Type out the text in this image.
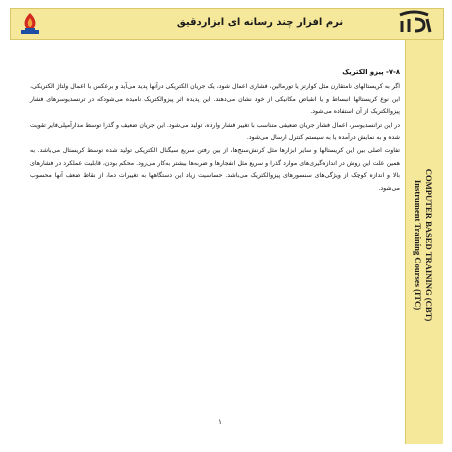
نرم افزار چند رسانه ای ابزاردقیق
COMPUTER BASED TRAINING (CBT)
Instrument Training Courses (ITC)
۷-۸- پیزو الکتریک

اگر به کریستالهای نامتقارن مثل کوارتز یا تورمالین، فشاری اعمال شود، یک جریان الکتریکی درآنها پدید می‌آید و برعکس با اعمال ولتاژ الکتریکی، این نوع کریستالها انبساط و یا انقباض مکانیکی از خود نشان می‌دهند. این پدیده اثر پیزوالکتریک نامیده می‌شود‌که در ترنسدیوسرهای فشار پیزوالکتریک از آن استفاده می‌شود.

در این ترانسدیوسر، اعمال فشار جریان ضعیفی متناسب با تغییر فشار وارده، تولید می‌شود. این جریان ضعیف و گذرا توسط مدارآمپلی‌فایر تقویت شده و به نمایش درآمده یا به سیستم کنترل ارسال می‌شود.

تفاوت اصلی بین این کریستالها و سایر ابزارها مثل کرنش‌سنج‌ها، از بین رفتن سریع سیگنال الکتریکی تولید شده توسط کریستال می‌باشد. به همین علت این روش در اندازه‌گیری‌های موارد گذرا و سریع مثل انفجارها و ضربه‌ها بیشتر به‌کار می‌رود. محکم بودن، قابلیت عملکرد در فشارهای بالا و اندازه کوچک از ویژگی‌های سنسورهای پیزوالکتریک می‌باشد. حساسیت زیاد این دستگاهها به تغییرات دما، از نقاط ضعف آنها محسوب می‌شود.

۱
